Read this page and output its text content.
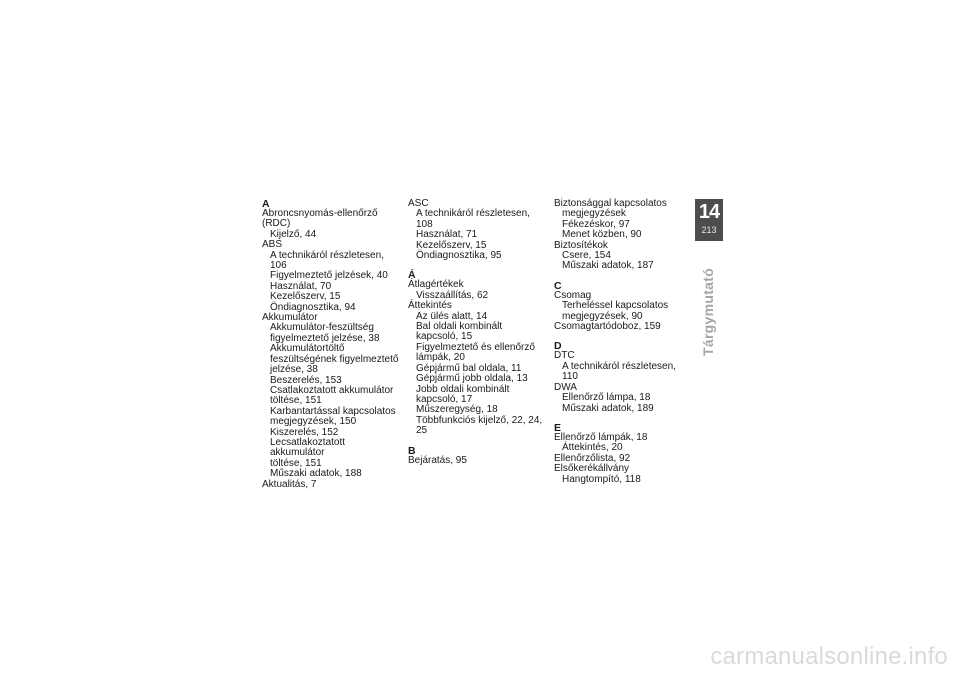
A
Abroncsnyomás-ellenőrző (RDC)
Kijelző, 44
ABS
A technikáról részletesen, 106
Figyelmeztető jelzések, 40
Használat, 70
Kezelőszerv, 15
Öndiagnosztika, 94
Akkumulátor
Akkumulátor-feszültség
figyelmeztető jelzése, 38
Akkumulátortöltő
feszültségének figyelmeztető
jelzése, 38
Beszerelés, 153
Csatlakoztatott akkumulátor
töltése, 151
Karbantartással kapcsolatos
megjegyzések, 150
Kiszerelés, 152
Lecsatlakoztatott akkumulátor
töltése, 151
Műszaki adatok, 188
Aktualitás, 7
ASC
A technikáról részletesen, 108
Használat, 71
Kezelőszerv, 15
Öndiagnosztika, 95
Á
Átlagértékek
Visszaállítás, 62
Áttekintés
Az ülés alatt, 14
Bal oldali kombinált
kapcsoló, 15
Figyelmeztető és ellenőrző
lámpák, 20
Gépjármű bal oldala, 11
Gépjármű jobb oldala, 13
Jobb oldali kombinált
kapcsoló, 17
Műszeregység, 18
Többfunkciós kijelző, 22, 24,
25
B
Bejáratás, 95
Biztonsággal kapcsolatos
megjegyzések
Fékezéskor, 97
Menet közben, 90
Biztosítékok
Csere, 154
Műszaki adatok, 187
C
Csomag
Terheléssel kapcsolatos
megjegyzések, 90
Csomagtartódoboz, 159
D
DTC
A technikáról részletesen, 110
DWA
Ellenőrző lámpa, 18
Műszaki adatok, 189
E
Ellenőrző lámpák, 18
Áttekintés, 20
Ellenőrzőlista, 92
Elsőkerékállvány
Hangtompító, 118
14
213
Tárgymutató
carmanualsonline.info
